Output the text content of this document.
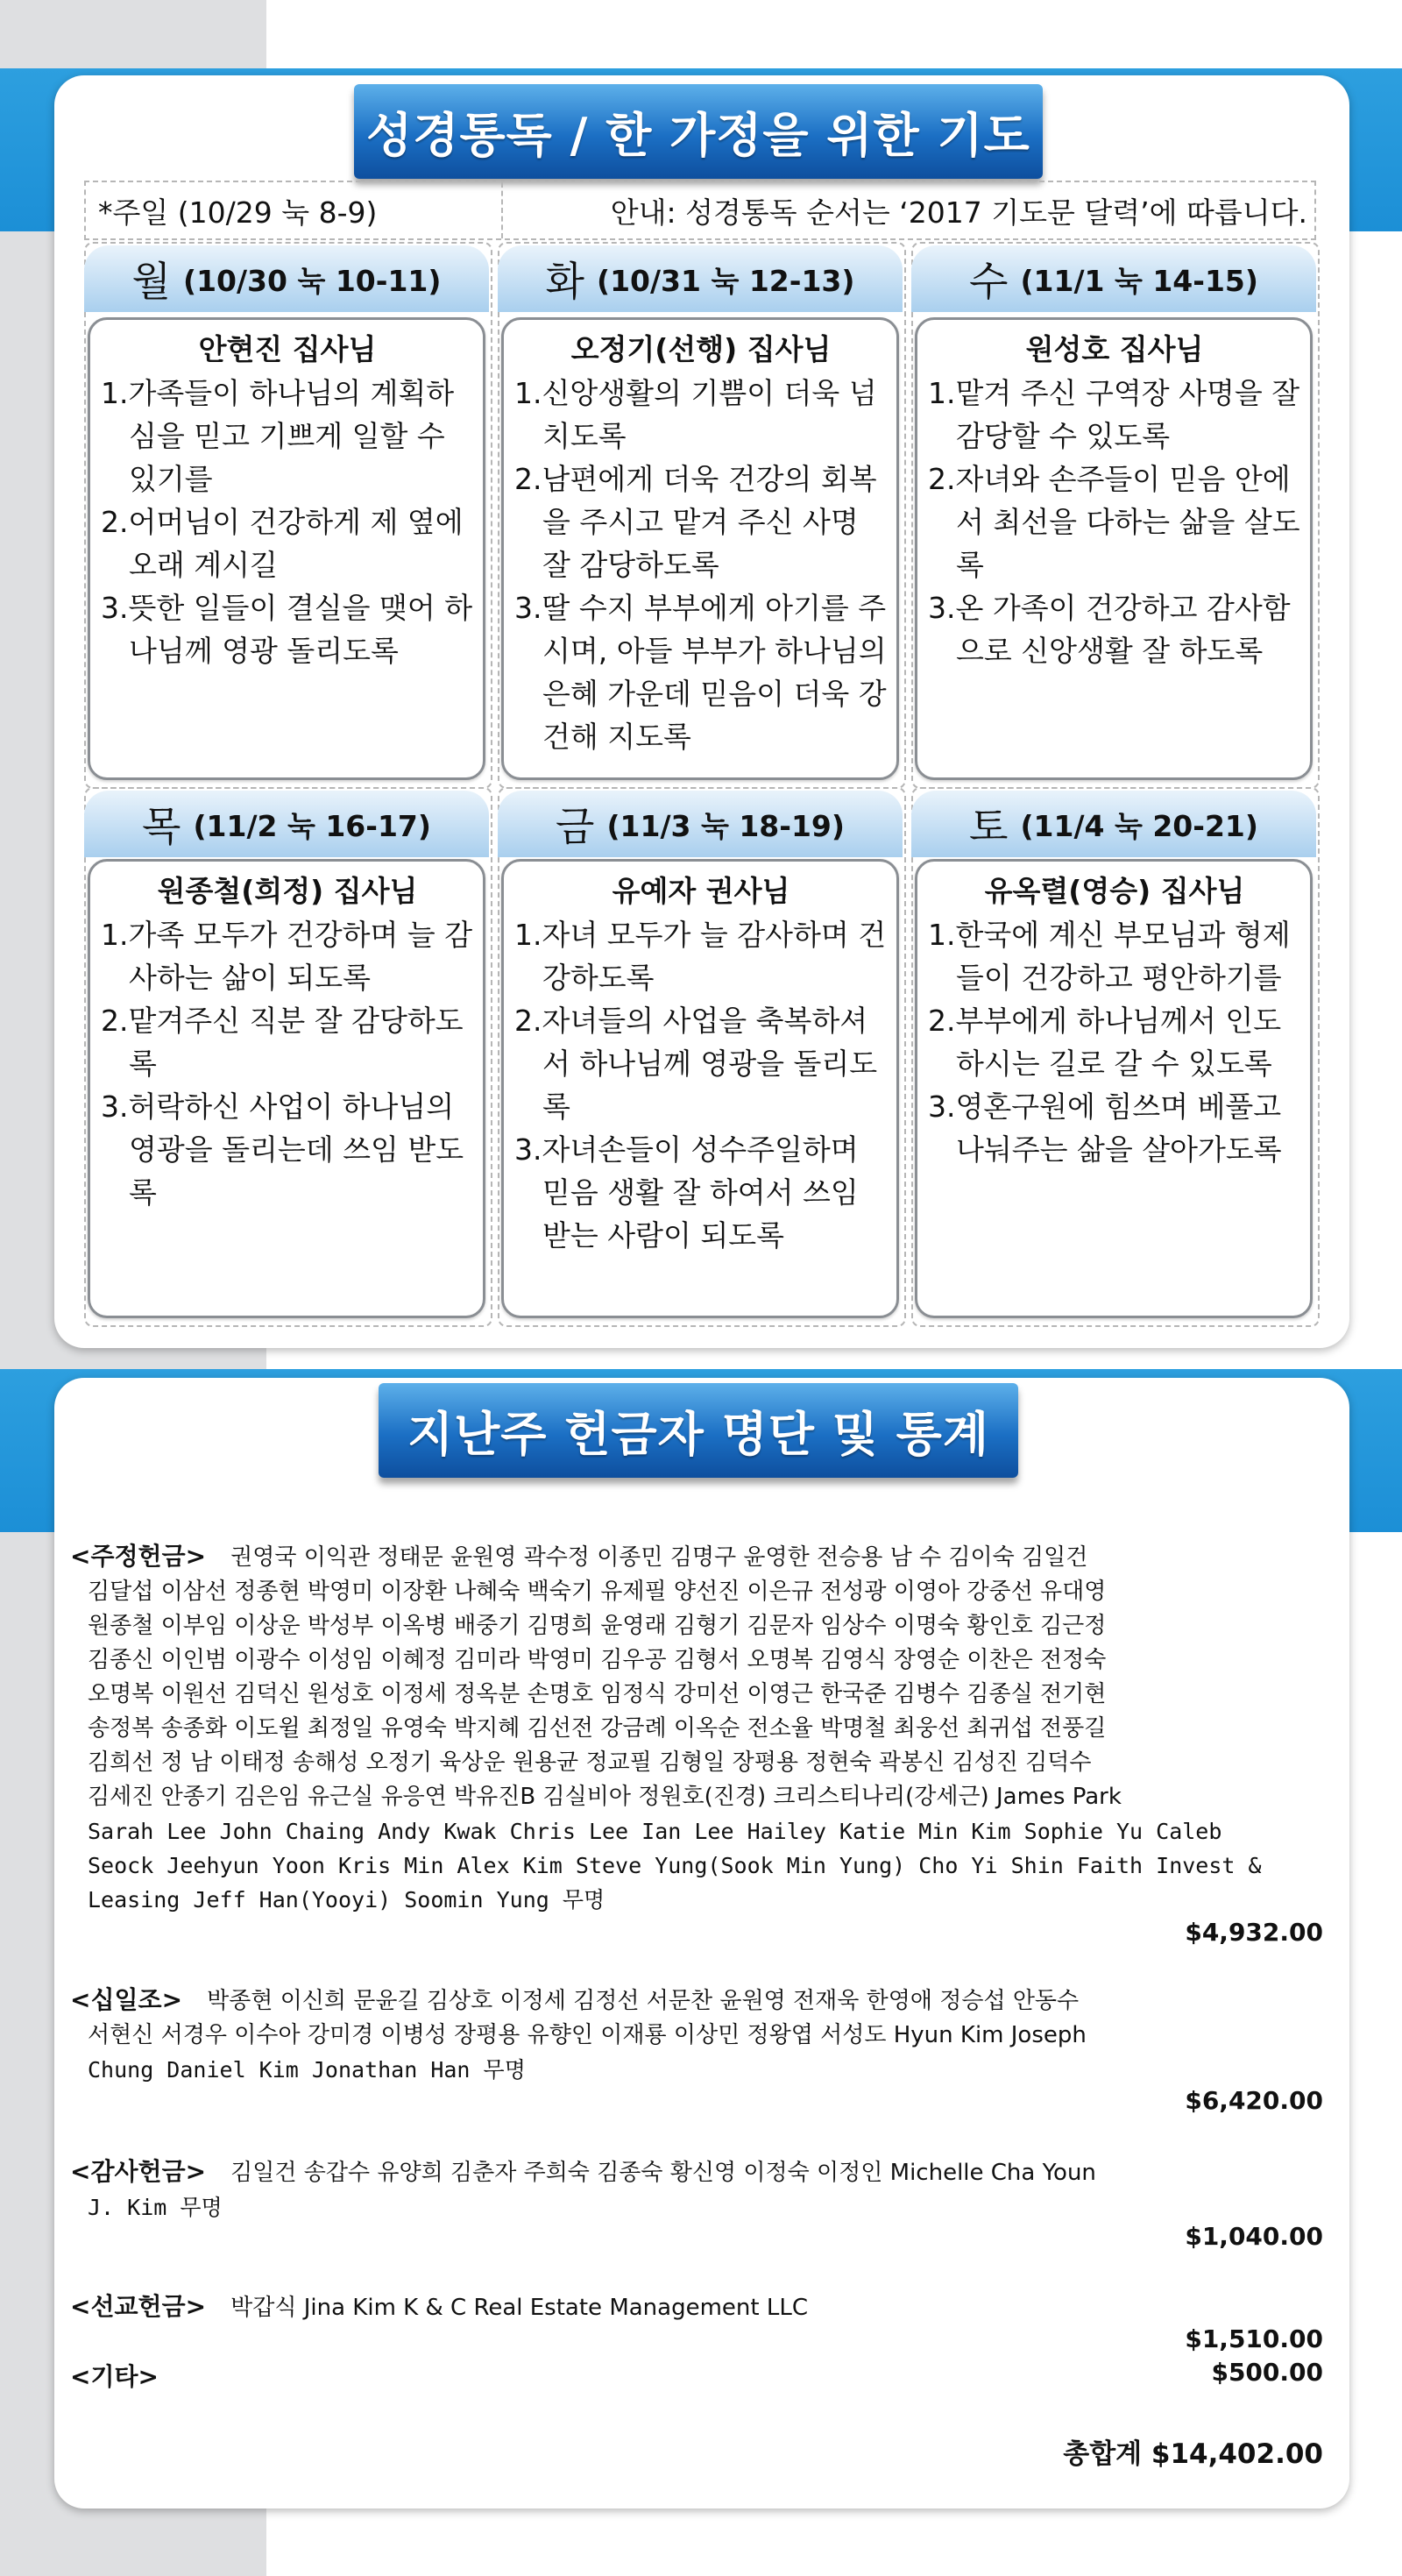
성경통독 / 한 가정을 위한 기도
*주일 (10/29 눅 8-9)	안내: 성경통독 순서는 ‘2017 기도문 달력’에 따릅니다.
월 (10/30 눅 10-11)
안현진 집사님
1.가족들이 하나님의 계획하심을 믿고 기쁘게 일할 수 있기를
2.어머님이 건강하게 제 옆에 오래 계시길
3.뜻한 일들이 결실을 맺어 하나님께 영광 돌리도록
화 (10/31 눅 12-13)
오정기(선행) 집사님
1.신앙생활의 기쁨이 더욱 넘치도록
2.남편에게 더욱 건강의 회복을 주시고 맡겨 주신 사명 잘 감당하도록
3.딸 수지 부부에게 아기를 주시며, 아들 부부가 하나님의 은혜 가운데 믿음이 더욱 강건해 지도록
수 (11/1 눅 14-15)
원성호 집사님
1.맡겨 주신 구역장 사명을 잘 감당할 수 있도록
2.자녀와 손주들이 믿음 안에서 최선을 다하는 삶을 살도록
3.온 가족이 건강하고 감사함으로 신앙생활 잘 하도록
목 (11/2 눅 16-17)
원종철(희정) 집사님
1.가족 모두가 건강하며 늘 감사하는 삶이 되도록
2.맡겨주신 직분 잘 감당하도록
3.허락하신 사업이 하나님의 영광을 돌리는데 쓰임 받도록
금 (11/3 눅 18-19)
유예자 권사님
1.자녀 모두가 늘 감사하며 건강하도록
2.자녀들의 사업을 축복하셔서 하나님께 영광을 돌리도록
3.자녀손들이 성수주일하며 믿음 생활 잘 하여서 쓰임 받는 사람이 되도록
토 (11/4 눅 20-21)
유옥렬(영승) 집사님
1.한국에 계신 부모님과 형제들이 건강하고 평안하기를
2.부부에게 하나님께서 인도하시는 길로 갈 수 있도록
3.영혼구원에 힘쓰며 베풀고 나눠주는 삶을 살아가도록
지난주 헌금자 명단 및 통계
<주정헌금> 권영국 이익관 정태문 윤원영 곽수정 이종민 김명구 윤영한 전승용 남 수 김이숙 김일건
김달섭 이삼선 정종현 박영미 이장환 나혜숙 백숙기 유제필 양선진 이은규 전성광 이영아 강중선 유대영
원종철 이부임 이상운 박성부 이옥병 배중기 김명희 윤영래 김형기 김문자 임상수 이명숙 황인호 김근정
김종신 이인범 이광수 이성임 이혜정 김미라 박영미 김우공 김형서 오명복 김영식 장영순 이찬은 전정숙
오명복 이원선 김덕신 원성호 이정세 정옥분 손명호 임정식 강미선 이영근 한국준 김병수 김종실 전기현
송정복 송종화 이도윌 최정일 유영숙 박지혜 김선전 강금례 이옥순 전소율 박명철 최웅선 최귀섭 전풍길
김희선 정 남 이태정 송해성 오정기 육상운 원용균 정교필 김형일 장평용 정현숙 곽봉신 김성진 김덕수
김세진 안종기 김은임 유근실 유응연 박유진B 김실비아 정원호(진경) 크리스티나리(강세근) James Park
Sarah Lee John Chaing Andy Kwak Chris Lee Ian Lee Hailey Katie Min Kim Sophie Yu Caleb
Seock Jeehyun Yoon Kris Min Alex Kim Steve Yung(Sook Min Yung) Cho Yi Shin Faith Invest &
Leasing Jeff Han(Yooyi) Soomin Yung 무명
$4,932.00
<십일조> 박종현 이신희 문윤길 김상호 이정세 김정선 서문찬 윤원영 전재욱 한영애 정승섭 안동수
서현신 서경우 이수아 강미경 이병성 장평용 유향인 이재룡 이상민 정왕엽 서성도 Hyun Kim Joseph
Chung Daniel Kim Jonathan Han 무명
$6,420.00
<감사헌금> 김일건 송갑수 유양희 김춘자 주희숙 김종숙 황신영 이정숙 이정인 Michelle Cha Youn
J. Kim 무명
$1,040.00
<선교헌금> 박갑식 Jina Kim K & C Real Estate Management LLC
$1,510.00
<기타>	$500.00
총합계 $14,402.00
